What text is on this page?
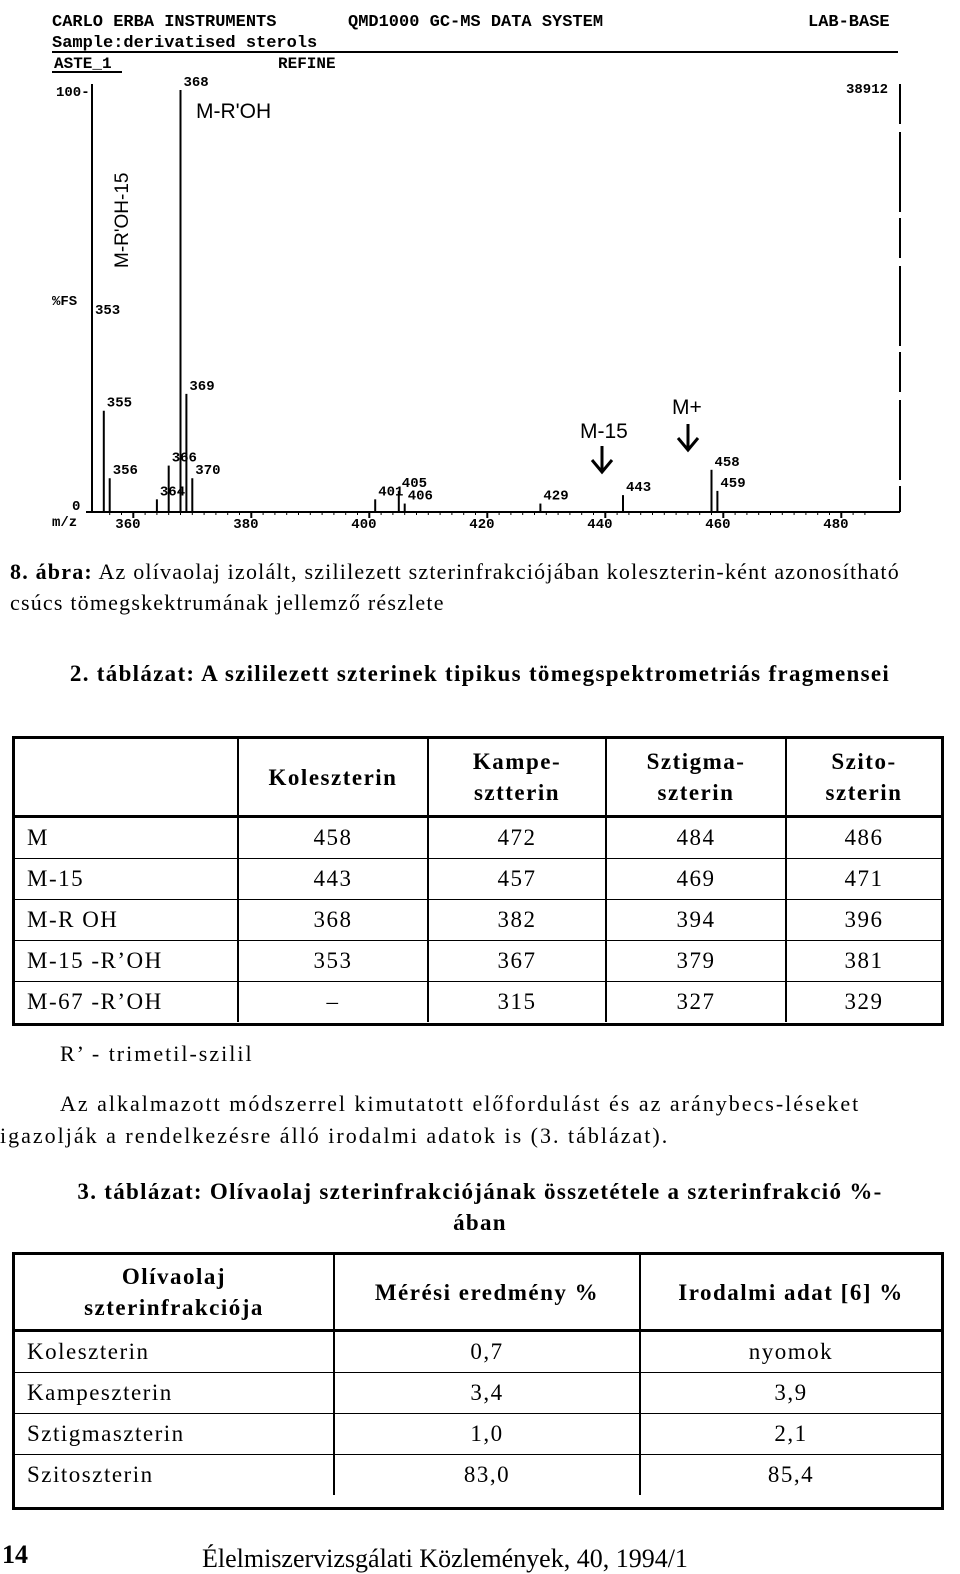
CARLO ERBA INSTRUMENTS	QMD1000 GC-MS DATA SYSTEM	LAB-BASE
Sample:derivatised sterols
ASTE_1	REFINE
100-	38912
%FS
0
m/z	360	380	400	420	440	460	480
353
355
356
364
366
368
369
370
401
405
406	429
443
458
459
M-R'OH
M-R'OH-15
M-15
M+
8. ábra: Az olívaolaj izolált, szililezett szterinfrakciójában koleszterin-ként azonosítható csúcs tömegskektrumának jellemző részlete
2. táblázat: A szililezett szterinek tipikus tömegspektrometriás fragmensei
	Koleszterin	Kampe-sztterin	Sztigma-szterin	Szito-szterin
M	458	472	484	486
M-15	443	457	469	471
M-R OH	368	382	394	396
M-15 -R’OH	353	367	379	381
M-67 -R’OH	–	315	327	329
R’ - trimetil-szilil
Az alkalmazott módszerrel kimutatott előfordulást és az aránybecs-léseket igazolják a rendelkezésre álló irodalmi adatok is (3. táblázat).
3. táblázat: Olívaolaj szterinfrakciójának összetétele a szterinfrakció %-ában
Olívaolaj szterinfrakciója	Mérési eredmény %	Irodalmi adat [6] %
Koleszterin	0,7	nyomok
Kampeszterin	3,4	3,9
Sztigmaszterin	1,0	2,1
Szitoszterin	83,0	85,4
14	Élelmiszervizsgálati Közlemények, 40, 1994/1
